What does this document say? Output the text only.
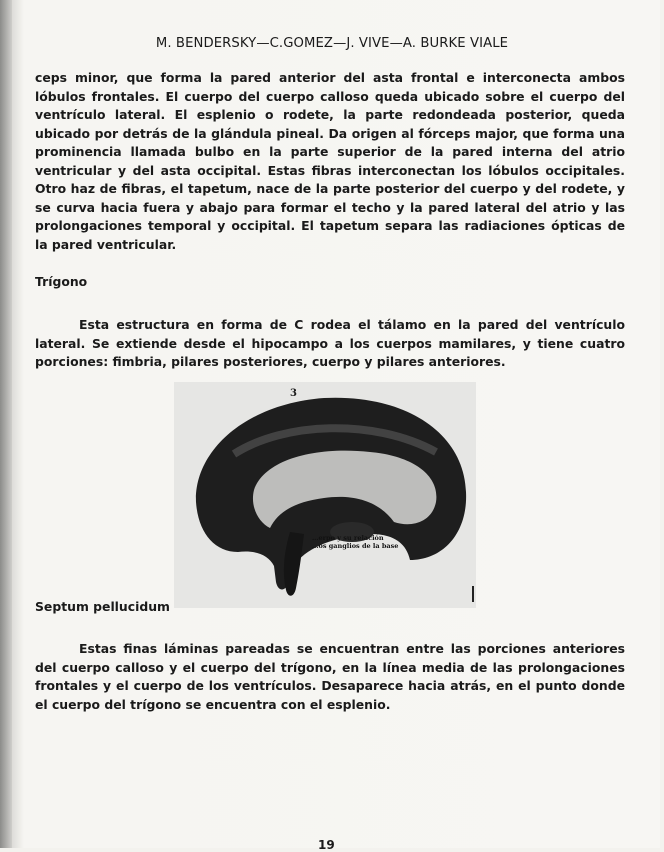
M. BENDERSKY—C.GOMEZ—J. VIVE—A. BURKE VIALE

ceps minor, que forma la pared anterior del asta frontal e interconecta ambos lóbulos frontales. El cuerpo del cuerpo calloso queda ubicado sobre el cuerpo del ventrículo lateral. El esplenio o rodete, la parte redondeada posterior, queda ubicado por detrás de la glándula pineal. Da origen al fórceps major, que forma una prominencia llamada bulbo en la parte superior de la pared interna del atrio ventricular y del asta occipital. Estas fibras interconectan los lóbulos occipitales. Otro haz de fibras, el tapetum, nace de la parte posterior del cuerpo y del rodete, y se curva hacia fuera y abajo para formar el techo y la pared lateral del atrio y las prolongaciones temporal y occipital. El tapetum separa las radiaciones ópticas de la pared ventricular.

Trígono

Esta estructura en forma de C rodea el tálamo en la pared del ventrículo lateral. Se extiende desde el hipocampo a los cuerpos mamilares, y tiene cuatro porciones: fimbria, pilares posteriores, cuerpo y pilares anteriores.

3
…erpo y su relación
…os ganglios de la base
Septum pellucidum

Estas finas láminas pareadas se encuentran entre las porciones anteriores del cuerpo calloso y el cuerpo del trígono, en la línea media de las prolongaciones frontales y el cuerpo de los ventrículos. Desaparece hacia atrás, en el punto donde el cuerpo del trígono se encuentra con el esplenio.

19
